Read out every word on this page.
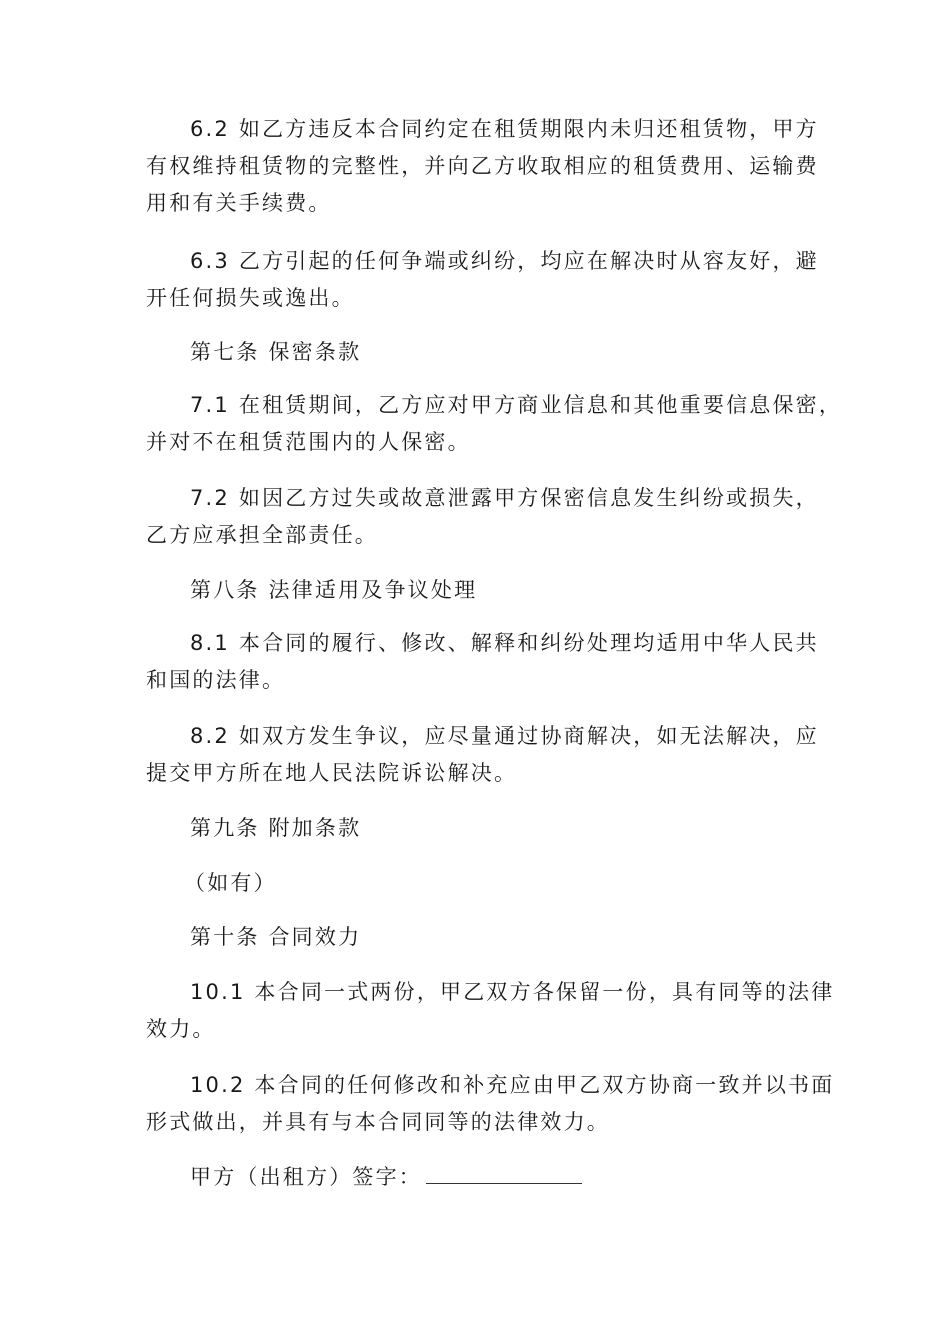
6.2 如乙方违反本合同约定在租赁期限内未归还租赁物，甲方
有权维持租赁物的完整性，并向乙方收取相应的租赁费用、运输费
用和有关手续费。

6.3 乙方引起的任何争端或纠纷，均应在解决时从容友好，避
开任何损失或逸出。

第七条 保密条款

7.1 在租赁期间，乙方应对甲方商业信息和其他重要信息保密，
并对不在租赁范围内的人保密。

7.2 如因乙方过失或故意泄露甲方保密信息发生纠纷或损失，
乙方应承担全部责任。

第八条 法律适用及争议处理

8.1 本合同的履行、修改、解释和纠纷处理均适用中华人民共
和国的法律。

8.2 如双方发生争议，应尽量通过协商解决，如无法解决，应
提交甲方所在地人民法院诉讼解决。

第九条 附加条款

（如有）

第十条 合同效力

10.1 本合同一式两份，甲乙双方各保留一份，具有同等的法律
效力。

10.2 本合同的任何修改和补充应由甲乙双方协商一致并以书面
形式做出，并具有与本合同同等的法律效力。

甲方（出租方）签字：
